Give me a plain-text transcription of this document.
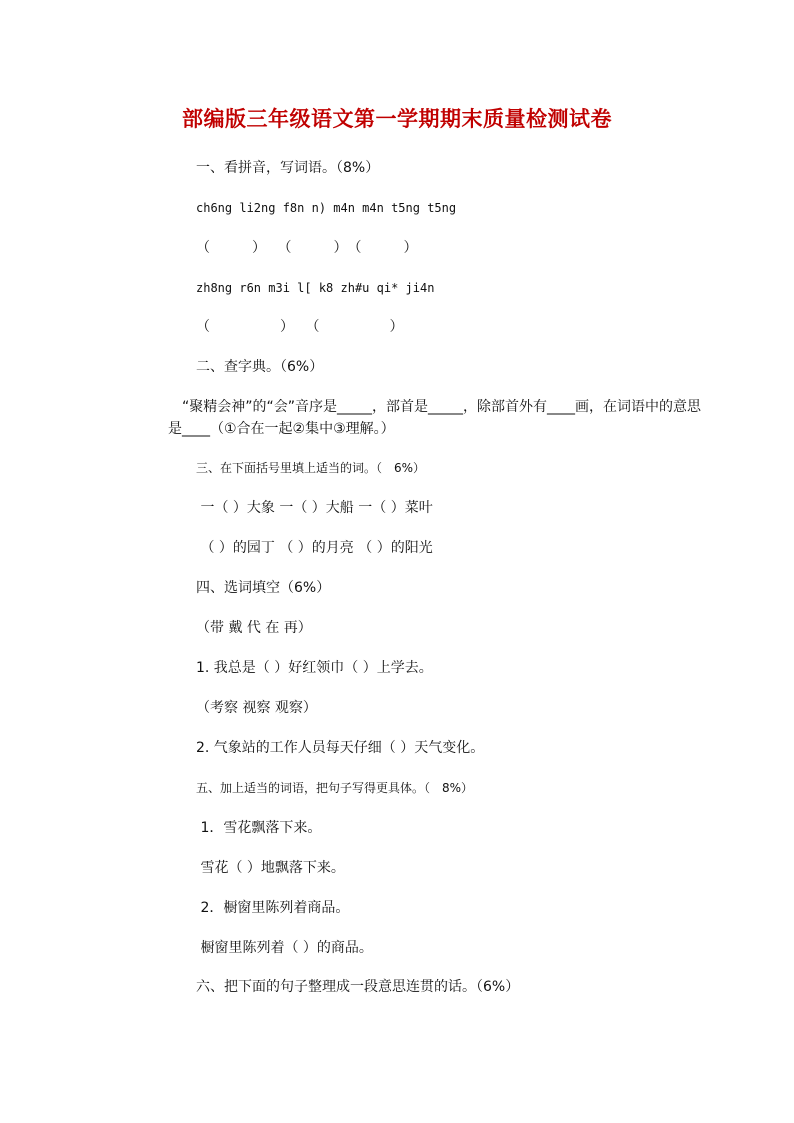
部编版三年级语文第一学期期末质量检测试卷
一、看拼音，写词语。（8%）
ch6ng li2ng f8n n) m4n m4n t5ng t5ng
（　　　）　 （　　　）　（　　　）
zh8ng r6n m3i l[ k8 zh#u qi* ji4n
（　　　　　）　 （　　　　　）
二、查字典。（6%）
　“聚精会神”的“会”音序是_____，部首是_____，除部首外有____画，在词语中的意思是____（①合在一起②集中③理解。）
三、在下面括号里填上适当的词。（　6%）
一（ ）大象 一（ ）大船 一（ ）菜叶
（ ）的园丁 （ ）的月亮 （ ）的阳光
四、选词填空（6%）
（带 戴 代 在 再）
1. 我总是（ ）好红领巾（ ）上学去。
（考察 视察 观察）
2. 气象站的工作人员每天仔细（ ）天气变化。
五、加上适当的词语，把句子写得更具体。（　8%）
1．雪花飘落下来。
雪花（ ）地飘落下来。
2．橱窗里陈列着商品。
橱窗里陈列着（ ）的商品。
六、把下面的句子整理成一段意思连贯的话。（6%）
